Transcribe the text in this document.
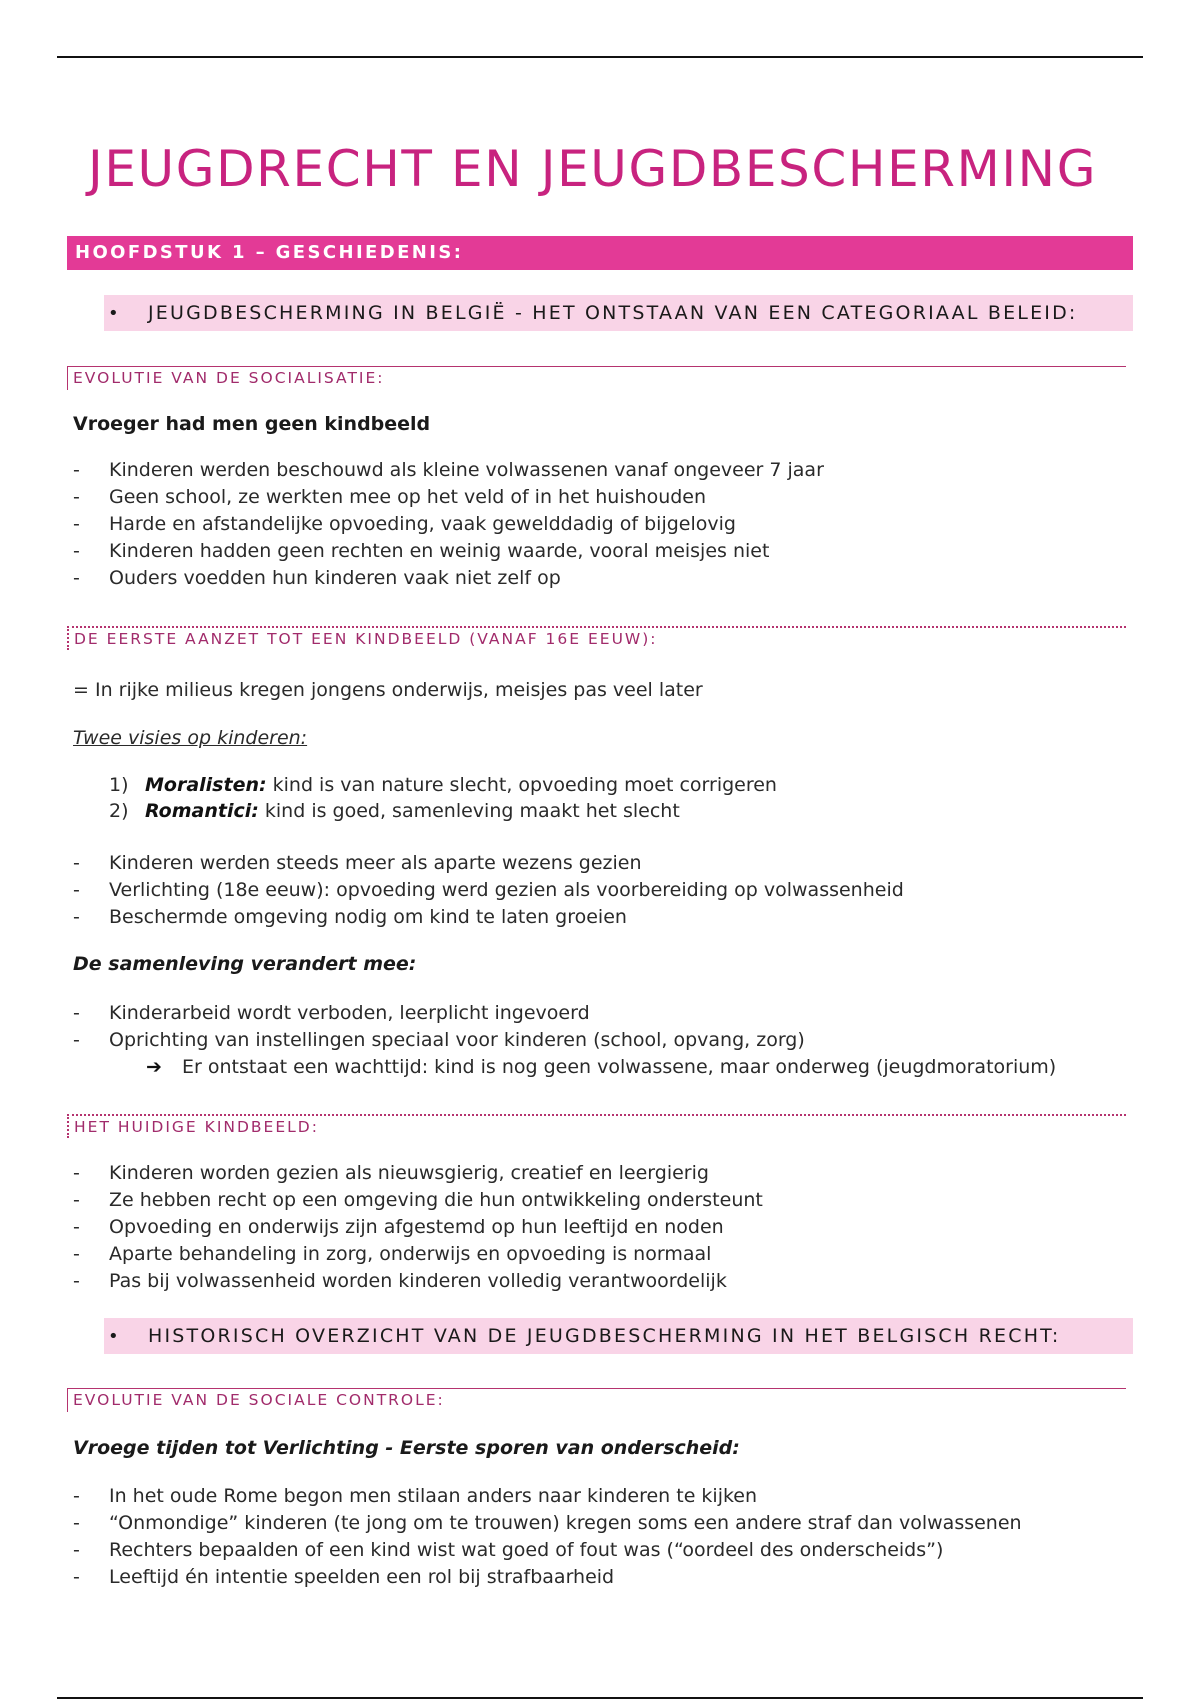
JEUGDRECHT EN JEUGDBESCHERMING
HOOFDSTUK 1 – GESCHIEDENIS:
• JEUGDBESCHERMING IN BELGIË - HET ONTSTAAN VAN EEN CATEGORIAAL BELEID:
EVOLUTIE VAN DE SOCIALISATIE:

Vroeger had men geen kindbeeld

- Kinderen werden beschouwd als kleine volwassenen vanaf ongeveer 7 jaar
- Geen school, ze werkten mee op het veld of in het huishouden
- Harde en afstandelijke opvoeding, vaak gewelddadig of bijgelovig
- Kinderen hadden geen rechten en weinig waarde, vooral meisjes niet
- Ouders voedden hun kinderen vaak niet zelf op
DE EERSTE AANZET TOT EEN KINDBEELD (VANAF 16E EEUW):

= In rijke milieus kregen jongens onderwijs, meisjes pas veel later

Twee visies op kinderen:

1) Moralisten: kind is van nature slecht, opvoeding moet corrigeren
2) Romantici: kind is goed, samenleving maakt het slecht
- Kinderen werden steeds meer als aparte wezens gezien
- Verlichting (18e eeuw): opvoeding werd gezien als voorbereiding op volwassenheid
- Beschermde omgeving nodig om kind te laten groeien

De samenleving verandert mee:

- Kinderarbeid wordt verboden, leerplicht ingevoerd
- Oprichting van instellingen speciaal voor kinderen (school, opvang, zorg)
➔ Er ontstaat een wachttijd: kind is nog geen volwassene, maar onderweg (jeugdmoratorium)
HET HUIDIGE KINDBEELD:
- Kinderen worden gezien als nieuwsgierig, creatief en leergierig
- Ze hebben recht op een omgeving die hun ontwikkeling ondersteunt
- Opvoeding en onderwijs zijn afgestemd op hun leeftijd en noden
- Aparte behandeling in zorg, onderwijs en opvoeding is normaal
- Pas bij volwassenheid worden kinderen volledig verantwoordelijk
• HISTORISCH OVERZICHT VAN DE JEUGDBESCHERMING IN HET BELGISCH RECHT:
EVOLUTIE VAN DE SOCIALE CONTROLE:

Vroege tijden tot Verlichting - Eerste sporen van onderscheid:

- In het oude Rome begon men stilaan anders naar kinderen te kijken
- “Onmondige” kinderen (te jong om te trouwen) kregen soms een andere straf dan volwassenen
- Rechters bepaalden of een kind wist wat goed of fout was (“oordeel des onderscheids”)
- Leeftijd én intentie speelden een rol bij strafbaarheid
